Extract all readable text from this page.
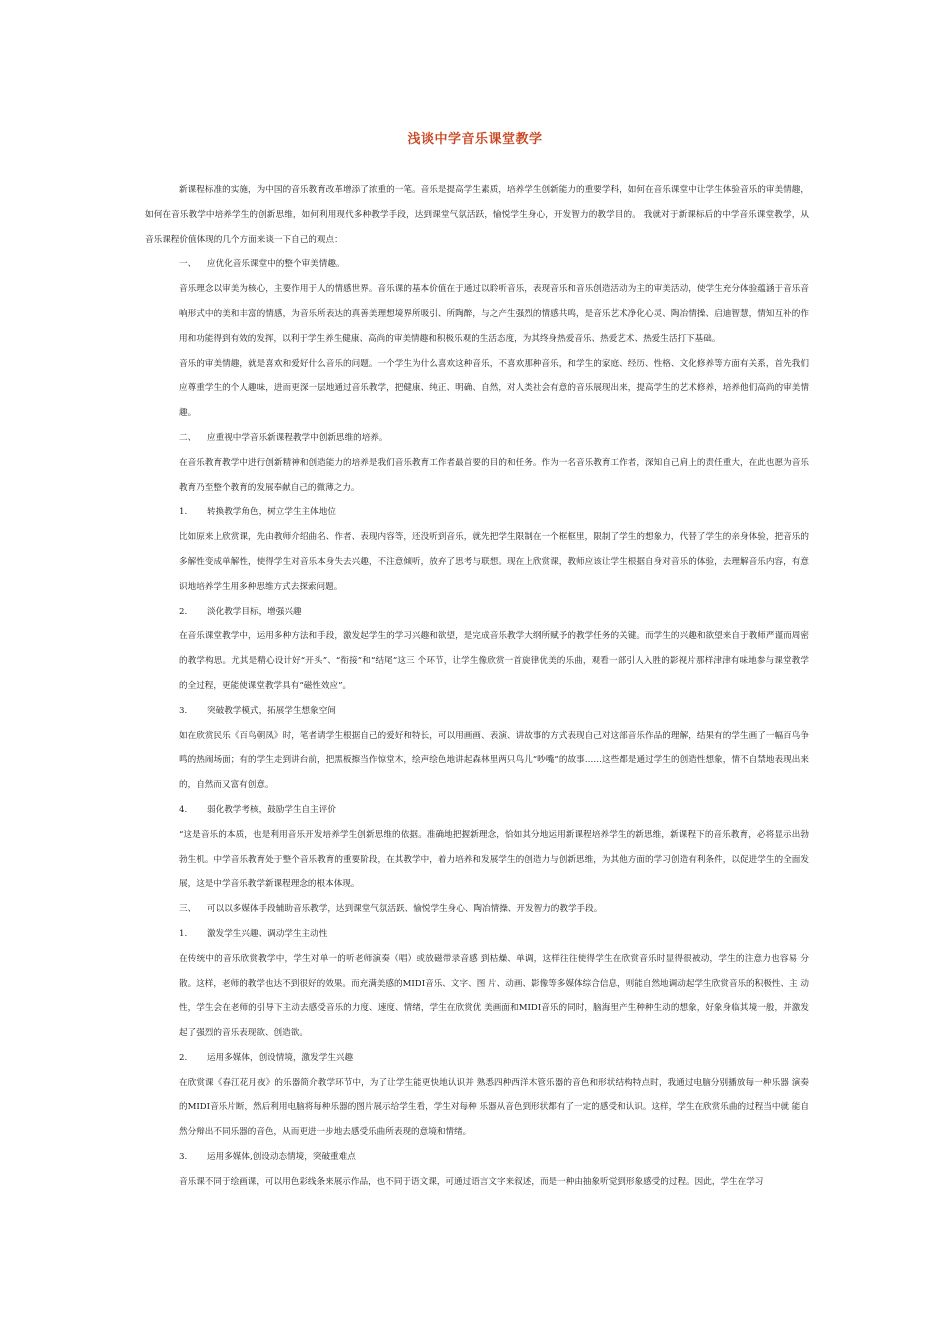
浅谈中学音乐课堂教学

新课程标准的实施，为中国的音乐教育改革增添了浓重的一笔。音乐是提高学生素质，培养学生创新能力的重要学科，如何在音乐课堂中让学生体验音乐的审美情趣，如何在音乐教学中培养学生的创新思维，如何利用现代多种教学手段，达到课堂气氛活跃，愉悦学生身心，开发智力的教学目的。 我就对于新课标后的中学音乐课堂教学，从音乐课程价值体现的几个方面来谈一下自己的观点：

一、 应优化音乐课堂中的整个审美情趣。

音乐理念以审美为核心，主要作用于人的情感世界。音乐课的基本价值在于通过以聆听音乐，表现音乐和音乐创造活动为主的审美活动，使学生充分体验蕴涵于音乐音响形式中的美和丰富的情感，为音乐所表达的真善美理想境界所吸引、所陶醉，与之产生强烈的情感共鸣，是音乐艺术净化心灵、陶冶情操、启迪智慧，情知互补的作用和功能得到有效的发挥，以利于学生养生健康、高尚的审美情趣和积极乐观的生活态度，为其终身热爱音乐、热爱艺术、热爱生活打下基础。

音乐的审美情趣，就是喜欢和爱好什么音乐的问题。一个学生为什么喜欢这种音乐，不喜欢那种音乐，和学生的家庭、经历、性格、文化修养等方面有关系，首先我们应尊重学生的个人趣味，进而更深一层地通过音乐教学，把健康、纯正、明确、自然，对人类社会有意的音乐展现出来，提高学生的艺术修养，培养他们高尚的审美情趣。

二、 应重视中学音乐新课程教学中创新思维的培养。

在音乐教育教学中进行创新精神和创造能力的培养是我们音乐教育工作者最首要的目的和任务。作为一名音乐教育工作者，深知自己肩上的责任重大，在此也愿为音乐教育乃至整个教育的发展奉献自己的微薄之力。

1. 转换教学角色，树立学生主体地位

比如原来上欣赏课，先由教师介绍曲名、作者、表现内容等，还没听到音乐，就先把学生限制在一个框框里，限制了学生的想象力，代替了学生的亲身体验，把音乐的多解性变成单解性，使得学生对音乐本身失去兴趣，不注意倾听，放弃了思考与联想。现在上欣赏课，教师应该让学生根据自身对音乐的体验，去理解音乐内容，有意识地培养学生用多种思维方式去探索问题。

2. 淡化教学目标，增强兴趣

在音乐课堂教学中，运用多种方法和手段，激发起学生的学习兴趣和欲望，是完成音乐教学大纲所赋予的教学任务的关键。而学生的兴趣和欲望来自于教师严谨而周密的教学构思。尤其是精心设计好“开头”、“衔接”和“结尾”这三 个环节，让学生像欣赏一首旋律优美的乐曲，观看一部引人入胜的影视片那样津津有味地参与课堂教学的全过程，更能使课堂教学具有“磁性效应”。

3. 突破教学模式，拓展学生想象空间

如在欣赏民乐《百鸟朝凤》时，笔者请学生根据自己的爱好和特长，可以用画画、表演、讲故事的方式表现自己对这部音乐作品的理解，结果有的学生画了一幅百鸟争鸣的热闹场面；有的学生走到讲台前，把黑板擦当作惊堂木，绘声绘色地讲起森林里两只鸟儿“吵嘴”的故事……这些都是通过学生的创造性想象，情不自禁地表现出来的，自然而又富有创意。

4. 弱化教学考核，鼓励学生自主评价

“这是音乐的本质，也是利用音乐开发培养学生创新思维的依据。准确地把握新理念，恰如其分地运用新课程培养学生的新思维，新课程下的音乐教育，必将显示出勃勃生机。中学音乐教育处于整个音乐教育的重要阶段，在其教学中，着力培养和发展学生的创造力与创新思维，为其他方面的学习创造有利条件，以促进学生的全面发展，这是中学音乐教学新课程理念的根本体现。

三、 可以以多媒体手段辅助音乐教学，达到课堂气氛活跃、愉悦学生身心、陶冶情操、开发智力的教学手段。
1. 激发学生兴趣、调动学生主动性

在传统中的音乐欣赏教学中，学生对单一的听老师演奏（唱）或放磁带录音感 到枯燥、单调，这样往往使得学生在欣赏音乐时显得很被动，学生的注意力也容易 分散。这样，老师的教学也达不到很好的效果。而充满美感的MIDI音乐、文字、图 片、动画、影像等多媒体综合信息，则能自然地调动起学生欣赏音乐的积极性、主 动性，学生会在老师的引导下主动去感受音乐的力度、速度、情绪，学生在欣赏优 美画面和MIDI音乐的同时，脑海里产生种种生动的想象，好象身临其境一般，并激发起了强烈的音乐表现欲、创造欲。

2. 运用多媒体，创设情境，激发学生兴趣

在欣赏课《春江花月夜》的乐器简介教学环节中，为了让学生能更快地认识并 熟悉四种西洋木管乐器的音色和形状结构特点时，我通过电脑分别播放每一种乐器 演奏的MIDI音乐片断，然后利用电脑将每种乐器的图片展示给学生看，学生对每种 乐器从音色到形状都有了一定的感受和认识。这样，学生在欣赏乐曲的过程当中就 能自然分辩出不同乐器的音色，从而更进一步地去感受乐曲所表现的意境和情绪。

3. 运用多媒体,创设动态情境，突破重难点

音乐课不同于绘画课，可以用色彩线条来展示作品，也不同于语文课，可通过语言文字来叙述，而是一种由抽象听觉到形象感受的过程。因此，学生在学习
